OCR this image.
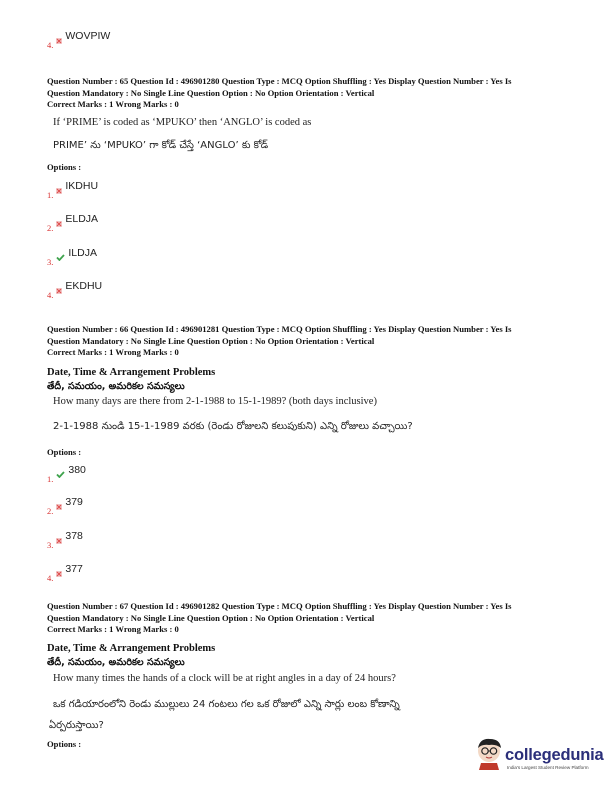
4.
WOVPIW
Question Number : 65 Question Id : 496901280 Question Type : MCQ Option Shuffling : Yes Display Question Number : Yes Is
Question Mandatory : No Single Line Question Option : No Option Orientation : Vertical
Correct Marks : 1 Wrong Marks : 0
If ‘PRIME’ is coded as ‘MPUKO’ then ‘ANGLO’ is coded as
PRIME’ ను ‘MPUKO’ గా కోడ్ చేస్తే ‘ANGLO’ కు కోడ్
Options :
1.
IKDHU
2.
ELDJA
3.
ILDJA
4.
EKDHU
Question Number : 66 Question Id : 496901281 Question Type : MCQ Option Shuffling : Yes Display Question Number : Yes Is
Question Mandatory : No Single Line Question Option : No Option Orientation : Vertical
Correct Marks : 1 Wrong Marks : 0
Date, Time & Arrangement Problems
తేదీ, సమయం, అమరికల సమస్యలు
How many days are there from 2-1-1988 to 15-1-1989? (both days inclusive)
2-1-1988 నుండి 15-1-1989 వరకు (రెండు రోజులని కలుపుకుని) ఎన్ని రోజులు వచ్చాయి?
Options :
1.
380
2.
379
3.
378
4.
377
Question Number : 67 Question Id : 496901282 Question Type : MCQ Option Shuffling : Yes Display Question Number : Yes Is
Question Mandatory : No Single Line Question Option : No Option Orientation : Vertical
Correct Marks : 1 Wrong Marks : 0
Date, Time & Arrangement Problems
తేదీ, సమయం, అమరికల సమస్యలు
How many times the hands of a clock will be at right angles in a day of 24 hours?
ఒక గడియారంలోని రెండు ముల్లులు 24 గంటలు గల ఒక రోజులో ఎన్ని సార్లు లంబ కోణాన్ని
ఏర్పరుస్తాయి?
Options :
collegedunia
India's Largest Student Review Platform
